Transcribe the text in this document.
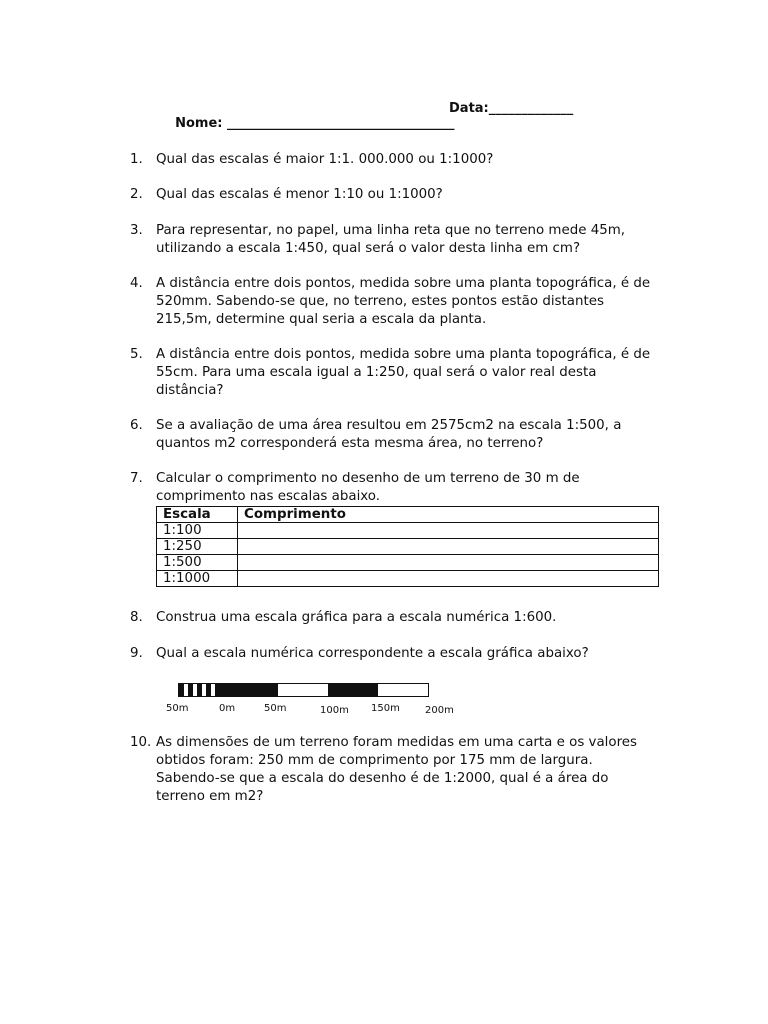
Nome: ___________________________________

Data:_____________

1. Qual das escalas é maior 1:1. 000.000 ou 1:1000?
2. Qual das escalas é menor 1:10 ou 1:1000?
3. Para representar, no papel, uma linha reta que no terreno mede 45m, utilizando a escala 1:450, qual será o valor desta linha em cm?
4. A distância entre dois pontos, medida sobre uma planta topográfica, é de 520mm. Sabendo-se que, no terreno, estes pontos estão distantes 215,5m, determine qual seria a escala da planta.
5. A distância entre dois pontos, medida sobre uma planta topográfica, é de 55cm. Para uma escala igual a 1:250, qual será o valor real desta distância?
6. Se a avaliação de uma área resultou em 2575cm2 na escala 1:500, a quantos m2 corresponderá esta mesma área, no terreno?
7. Calcular o comprimento no desenho de um terreno de 30 m de comprimento nas escalas abaixo.
Escala	Comprimento
1:100	
1:250	
1:500	
1:1000	
8. Construa uma escala gráfica para a escala numérica 1:600.
9. Qual a escala numérica correspondente a escala gráfica abaixo?
50m	0m	50m	100m 150m	200m
10. As dimensões de um terreno foram medidas em uma carta e os valores obtidos foram: 250 mm de comprimento por 175 mm de largura. Sabendo-se que a escala do desenho é de 1:2000, qual é a área do terreno em m2?
